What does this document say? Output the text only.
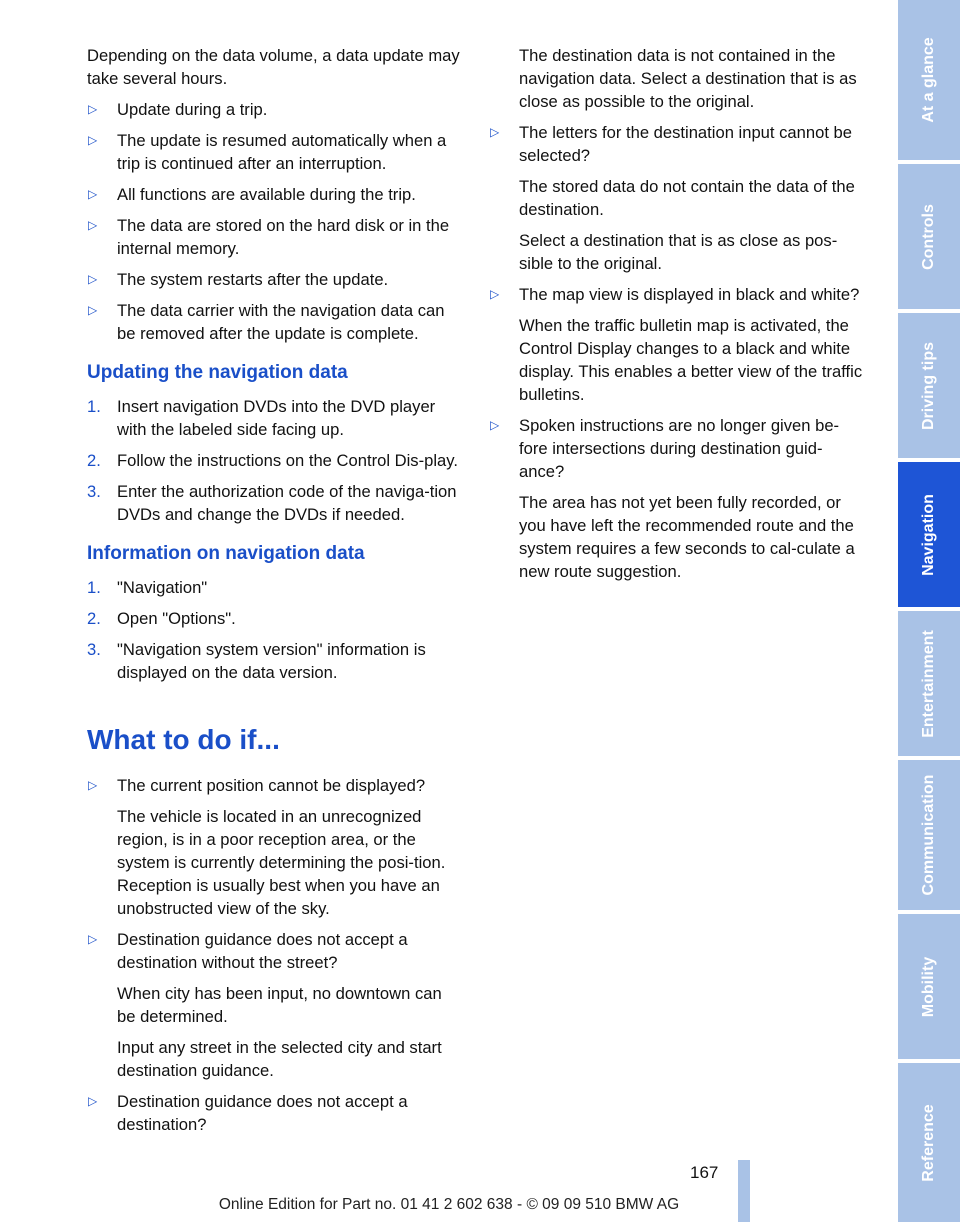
Depending on the data volume, a data update may take several hours.

▷ Update during a trip.
▷ The update is resumed automatically when a trip is continued after an interruption.
▷ All functions are available during the trip.
▷ The data are stored on the hard disk or in the internal memory.
▷ The system restarts after the update.
▷ The data carrier with the navigation data can be removed after the update is complete.
Updating the navigation data
1. Insert navigation DVDs into the DVD player with the labeled side facing up.
2. Follow the instructions on the Control Dis-play.
3. Enter the authorization code of the naviga-tion DVDs and change the DVDs if needed.
Information on navigation data
1. "Navigation"
2. Open "Options".
3. "Navigation system version" information is displayed on the data version.
What to do if...
▷ The current position cannot be displayed?
The vehicle is located in an unrecognized region, is in a poor reception area, or the system is currently determining the posi-tion. Reception is usually best when you have an unobstructed view of the sky.
▷ Destination guidance does not accept a destination without the street?
When city has been input, no downtown can be determined.
Input any street in the selected city and start destination guidance.
▷ Destination guidance does not accept a destination?

The destination data is not contained in the navigation data. Select a destination that is as close as possible to the original.

▷ The letters for the destination input cannot be selected?
The stored data do not contain the data of the destination.
Select a destination that is as close as pos-sible to the original.
▷ The map view is displayed in black and white?
When the traffic bulletin map is activated, the Control Display changes to a black and white display. This enables a better view of the traffic bulletins.
▷ Spoken instructions are no longer given be-fore intersections during destination guid-ance?
The area has not yet been fully recorded, or you have left the recommended route and the system requires a few seconds to cal-culate a new route suggestion.
At a glance
Controls
Driving tips
Navigation
Entertainment
Communication
Mobility
Reference
167
Online Edition for Part no. 01 41 2 602 638 - © 09 09 510 BMW AG
